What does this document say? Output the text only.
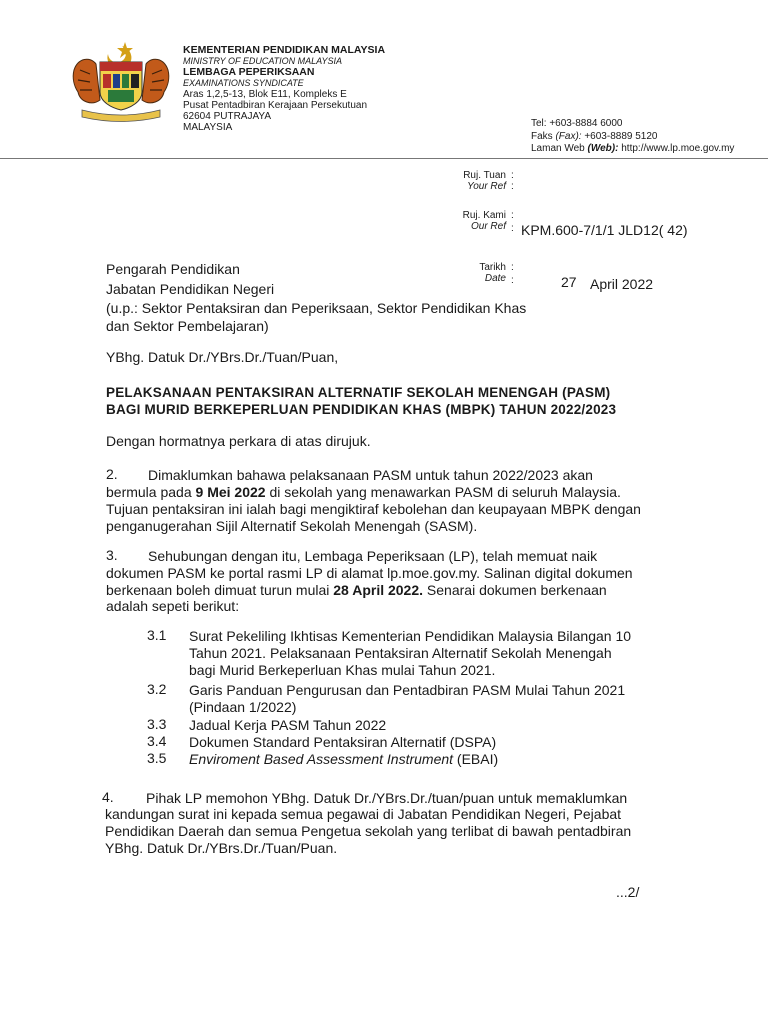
KEMENTERIAN PENDIDIKAN MALAYSIA
MINISTRY OF EDUCATION MALAYSIA
LEMBAGA PEPERIKSAAN
EXAMINATIONS SYNDICATE
Aras 1,2,5-13, Blok E11, Kompleks E
Pusat Pentadbiran Kerajaan Persekutuan
62604 PUTRAJAYA
MALAYSIA	Tel: +603-8884 6000
Faks (Fax): +603-8889 5120
Laman Web (Web): http://www.lp.moe.gov.my
Ruj. Tuan
Your Ref
:
:
Ruj. Kami
Our Ref
:
: KPM.600-7/1/1 JLD12( 42)
Tarikh
Date
:
:	27 April 2022
Pengarah Pendidikan
Jabatan Pendidikan Negeri
(u.p.: Sektor Pentaksiran dan Peperiksaan, Sektor Pendidikan Khas
dan Sektor Pembelajaran)
YBhg. Datuk Dr./YBrs.Dr./Tuan/Puan,
PELAKSANAAN PENTAKSIRAN ALTERNATIF SEKOLAH MENENGAH (PASM)
BAGI MURID BERKEPERLUAN PENDIDIKAN KHAS (MBPK) TAHUN 2022/2023
Dengan hormatnya perkara di atas dirujuk.
2. Dimaklumkan bahawa pelaksanaan PASM untuk tahun 2022/2023 akan
bermula pada 9 Mei 2022 di sekolah yang menawarkan PASM di seluruh Malaysia.
Tujuan pentaksiran ini ialah bagi mengiktiraf kebolehan dan keupayaan MBPK dengan
penganugerahan Sijil Alternatif Sekolah Menengah (SASM).
3. Sehubungan dengan itu, Lembaga Peperiksaan (LP), telah memuat naik
dokumen PASM ke portal rasmi LP di alamat lp.moe.gov.my. Salinan digital dokumen
berkenaan boleh dimuat turun mulai 28 April 2022. Senarai dokumen berkenaan
adalah sepeti berikut:
3.1 Surat Pekeliling Ikhtisas Kementerian Pendidikan Malaysia Bilangan 10
Tahun 2021. Pelaksanaan Pentaksiran Alternatif Sekolah Menengah
bagi Murid Berkeperluan Khas mulai Tahun 2021.
3.2 Garis Panduan Pengurusan dan Pentadbiran PASM Mulai Tahun 2021
(Pindaan 1/2022)
3.3 Jadual Kerja PASM Tahun 2022
3.4 Dokumen Standard Pentaksiran Alternatif (DSPA)
3.5 Enviroment Based Assessment Instrument (EBAI)
4. Pihak LP memohon YBhg. Datuk Dr./YBrs.Dr./tuan/puan untuk memaklumkan
kandungan surat ini kepada semua pegawai di Jabatan Pendidikan Negeri, Pejabat
Pendidikan Daerah dan semua Pengetua sekolah yang terlibat di bawah pentadbiran
YBhg. Datuk Dr./YBrs.Dr./Tuan/Puan.
...2/
